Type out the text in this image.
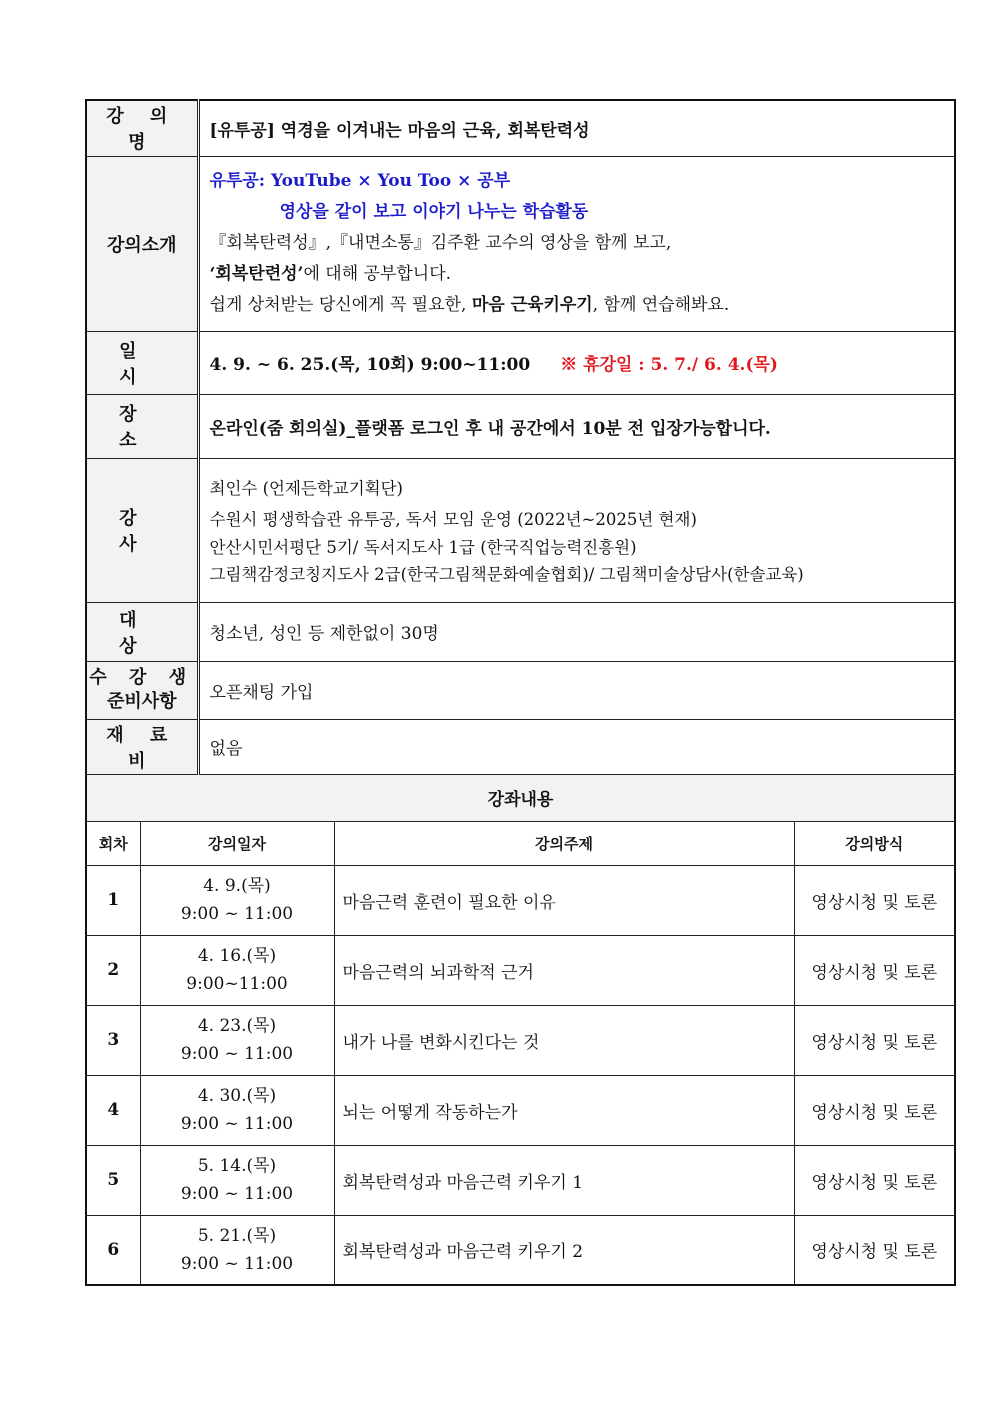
강 의 명		[유투공] 역경을 이겨내는 마음의 근육, 회복탄력성		
강의소개		유투공: YouTube × You Too × 공부
영상을 같이 보고 이야기 나누는 학습활동
『회복탄력성』,『내면소통』김주환 교수의 영상을 함께 보고,
‘회복탄련성’에 대해 공부합니다.
쉽게 상처받는 당신에게 꼭 필요한, 마음 근육키우기, 함께 연습해봐요.		

일 시		4. 9. ~ 6. 25.(목, 10회) 9:00~11:00 ※ 휴강일 : 5. 7./ 6. 4.(목)		
장 소		온라인(줌 회의실)_플랫폼 로그인 후 내 공간에서 10분 전 입장가능합니다.		
강 사		최인수 (언제든학교기획단)
수원시 평생학습관 유투공, 독서 모임 운영 (2022년~2025년 현재)
안산시민서평단 5기/ 독서지도사 1급 (한국직업능력진흥원)
그림책감정코칭지도사 2급(한국그림책문화예술협회)/ 그림책미술상담사(한솔교육)		

대 상		청소년, 성인 등 제한없이 30명		

수 강 생
준비사항		오픈채팅 가입		
재 료 비		없음		
강좌내용				
회차	강의일자		강의주제	강의방식
1	4. 9.(목)
9:00 ~ 11:00		마음근력 훈련이 필요한 이유	영상시청 및 토론
2	4. 16.(목)
9:00~11:00		마음근력의 뇌과학적 근거	영상시청 및 토론
3	4. 23.(목)
9:00 ~ 11:00		내가 나를 변화시킨다는 것	영상시청 및 토론
4	4. 30.(목)
9:00 ~ 11:00		뇌는 어떻게 작동하는가	영상시청 및 토론
5	5. 14.(목)
9:00 ~ 11:00		회복탄력성과 마음근력 키우기 1	영상시청 및 토론
6	5. 21.(목)
9:00 ~ 11:00		회복탄력성과 마음근력 키우기 2	영상시청 및 토론
